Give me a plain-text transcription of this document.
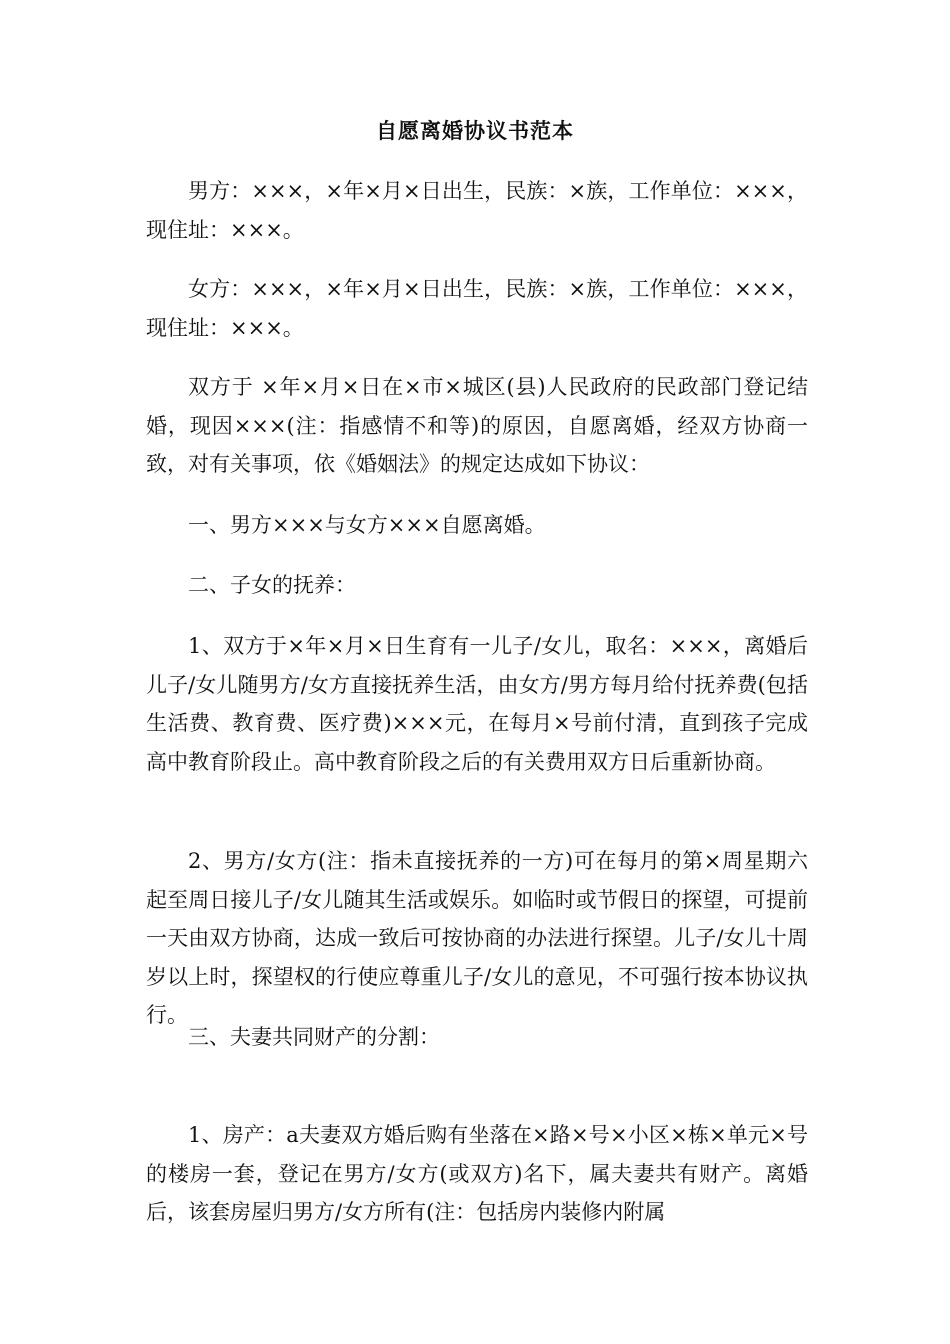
自愿离婚协议书范本

男方：×××，×年×月×日出生，民族：×族，工作单位：×××，现住址：×××。

女方：×××，×年×月×日出生，民族：×族，工作单位：×××，现住址：×××。

双方于 ×年×月×日在×市×城区(县)人民政府的民政部门登记结婚，现因×××(注：指感情不和等)的原因，自愿离婚，经双方协商一致，对有关事项，依《婚姻法》的规定达成如下协议：

一、男方×××与女方×××自愿离婚。

二、子女的抚养：

1、双方于×年×月×日生育有一儿子/女儿，取名：×××，离婚后儿子/女儿随男方/女方直接抚养生活，由女方/男方每月给付抚养费(包括生活费、教育费、医疗费)×××元，在每月×号前付清，直到孩子完成高中教育阶段止。高中教育阶段之后的有关费用双方日后重新协商。

2、男方/女方(注：指未直接抚养的一方)可在每月的第×周星期六起至周日接儿子/女儿随其生活或娱乐。如临时或节假日的探望，可提前一天由双方协商，达成一致后可按协商的办法进行探望。儿子/女儿十周岁以上时，探望权的行使应尊重儿子/女儿的意见，不可强行按本协议执行。

三、夫妻共同财产的分割：

1、房产：a夫妻双方婚后购有坐落在×路×号×小区×栋×单元×号的楼房一套，登记在男方/女方(或双方)名下，属夫妻共有财产。离婚后，该套房屋归男方/女方所有(注：包括房内装修内附属
